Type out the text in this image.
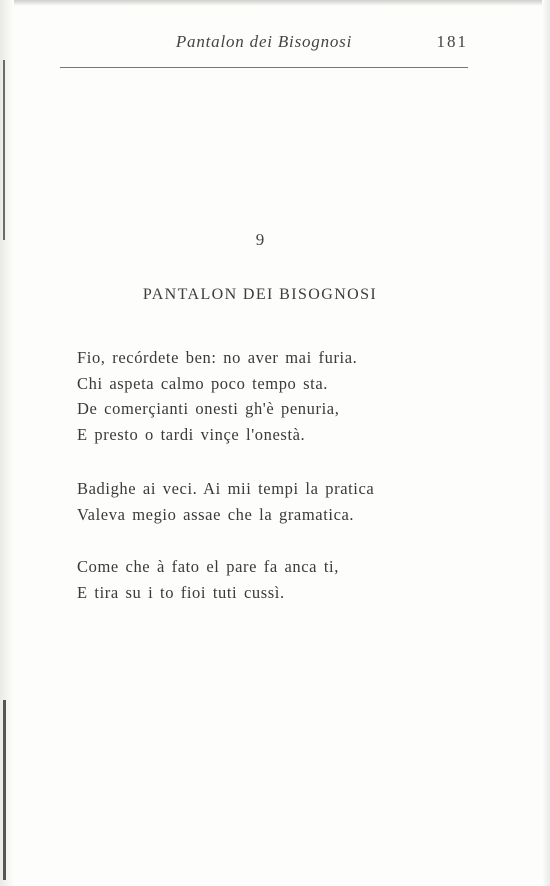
Pantalon dei Bisognosi	181
9
PANTALON DEI BISOGNOSI
Fio, recórdete ben: no aver mai furia.
Chi aspeta calmo poco tempo sta.
De comerçianti onesti gh'è penuria,
E presto o tardi vinçe l'onestà.
Badighe ai veci. Ai mii tempi la pratica
Valeva megio assae che la gramatica.
Come che à fato el pare fa anca ti,
E tira su i to fioi tuti cussì.
